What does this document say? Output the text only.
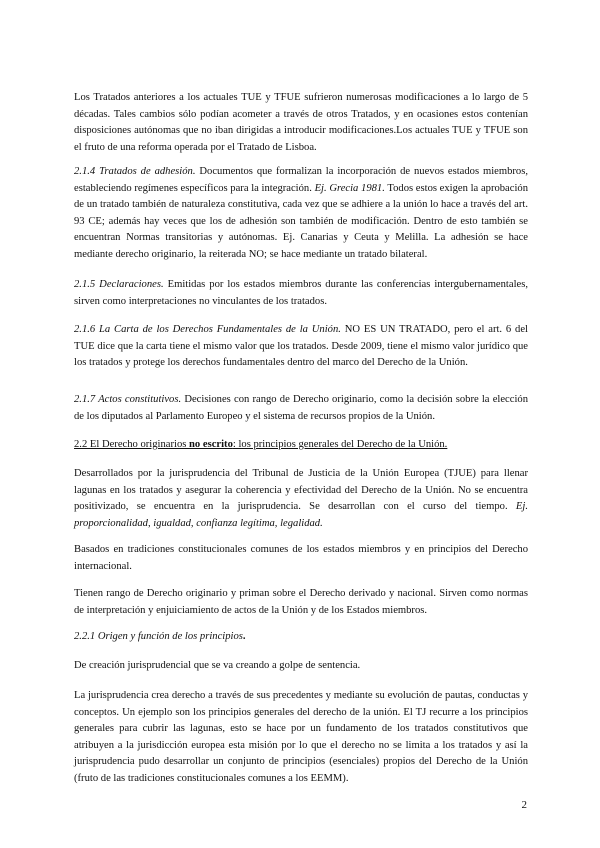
Los Tratados anteriores a los actuales TUE y TFUE sufrieron numerosas modificaciones a lo largo de 5 décadas. Tales cambios sólo podían acometer a través de otros Tratados, y en ocasiones estos contenían disposiciones autónomas que no iban dirigidas a introducir modificaciones.Los actuales TUE y TFUE son el fruto de una reforma operada por el Tratado de Lisboa.

2.1.4 Tratados de adhesión. Documentos que formalizan la incorporación de nuevos estados miembros, estableciendo regímenes específicos para la integración. Ej. Grecia 1981. Todos estos exigen la aprobación de un tratado también de naturaleza constitutiva, cada vez que se adhiere a la unión lo hace a través del art. 93 CE; además hay veces que los de adhesión son también de modificación. Dentro de esto también se encuentran Normas transitorias y autónomas. Ej. Canarias y Ceuta y Melilla. La adhesión se hace mediante derecho originario, la reiterada NO; se hace mediante un tratado bilateral.

2.1.5 Declaraciones. Emitidas por los estados miembros durante las conferencias intergubernamentales, sirven como interpretaciones no vinculantes de los tratados.

2.1.6 La Carta de los Derechos Fundamentales de la Unión. NO ES UN TRATADO, pero el art. 6 del TUE dice que la carta tiene el mismo valor que los tratados. Desde 2009, tiene el mismo valor jurídico que los tratados y protege los derechos fundamentales dentro del marco del Derecho de la Unión.

2.1.7 Actos constitutivos. Decisiones con rango de Derecho originario, como la decisión sobre la elección de los diputados al Parlamento Europeo y el sistema de recursos propios de la Unión.

2.2 El Derecho originarios no escrito: los principios generales del Derecho de la Unión.

Desarrollados por la jurisprudencia del Tribunal de Justicia de la Unión Europea (TJUE) para llenar lagunas en los tratados y asegurar la coherencia y efectividad del Derecho de la Unión. No se encuentra positivizado, se encuentra en la jurisprudencia. Se desarrollan con el curso del tiempo. Ej. proporcionalidad, igualdad, confianza legítima, legalidad.

Basados en tradiciones constitucionales comunes de los estados miembros y en principios del Derecho internacional.

Tienen rango de Derecho originario y priman sobre el Derecho derivado y nacional. Sirven como normas de interpretación y enjuiciamiento de actos de la Unión y de los Estados miembros.

2.2.1 Origen y función de los principios.

De creación jurisprudencial que se va creando a golpe de sentencia.

La jurisprudencia crea derecho a través de sus precedentes y mediante su evolución de pautas, conductas y conceptos. Un ejemplo son los principios generales del derecho de la unión. El TJ recurre a los principios generales para cubrir las lagunas, esto se hace por un fundamento de los tratados constitutivos que atribuyen a la jurisdicción europea esta misión por lo que el derecho no se limita a los tratados y así la jurisprudencia pudo desarrollar un conjunto de principios (esenciales) propios del Derecho de la Unión (fruto de las tradiciones constitucionales comunes a los EEMM).

2
